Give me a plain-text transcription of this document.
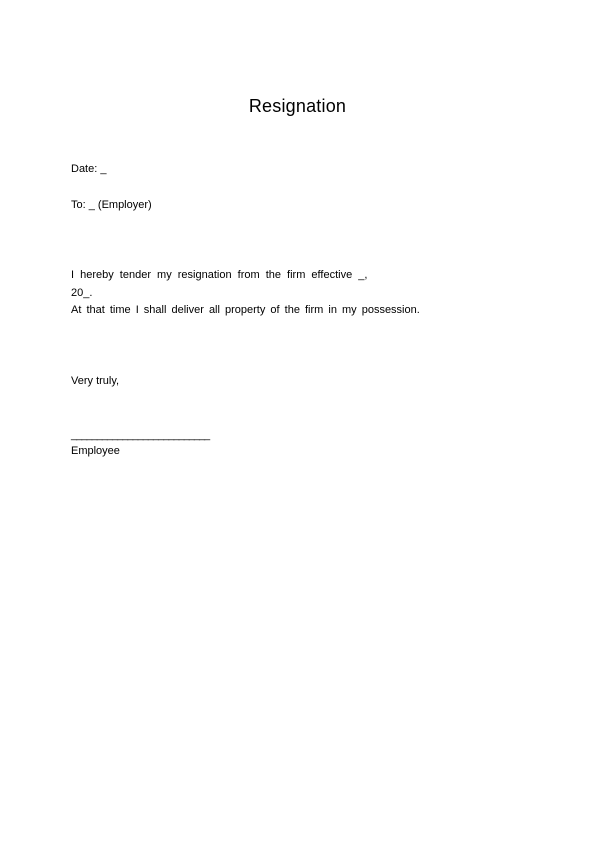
Resignation
Date: _
To: _ (Employer)
I hereby tender my resignation from the firm effective _,
20_.
At that time I shall deliver all property of the firm in my possession.
Very truly,
___________________________
Employee
